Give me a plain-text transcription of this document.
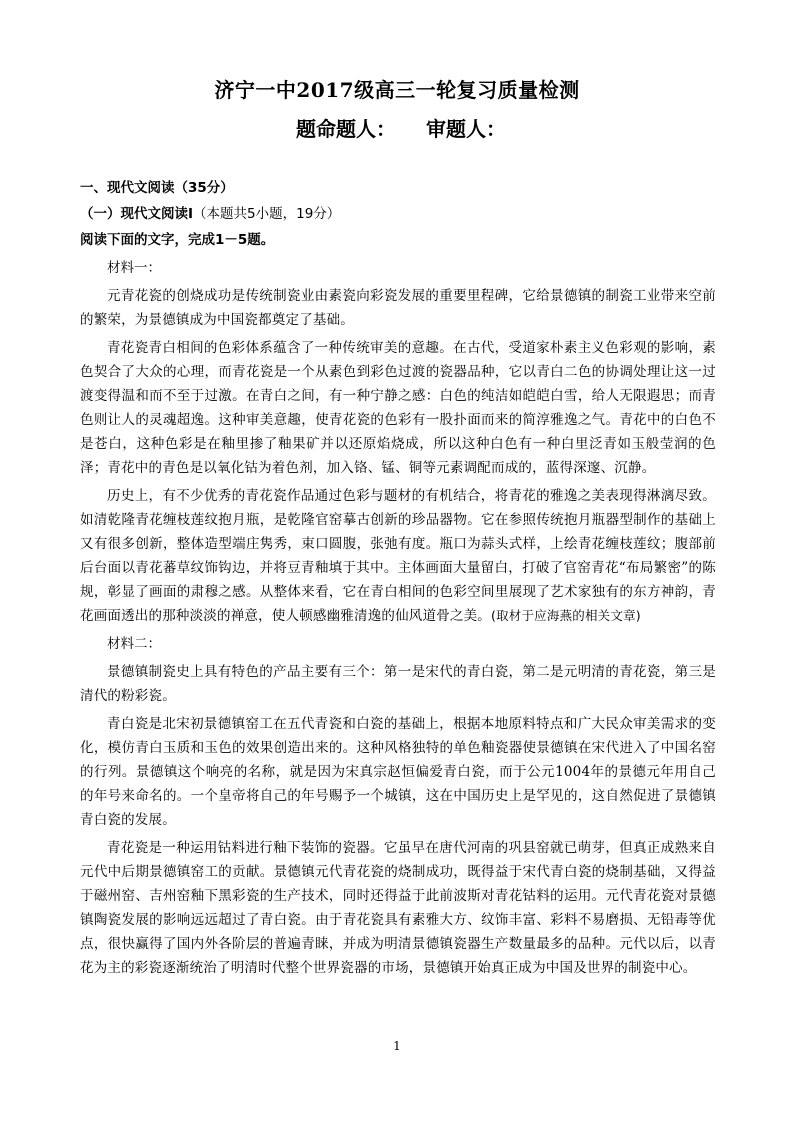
济宁一中2017级高三一轮复习质量检测
题命题人： 审题人：

一、现代文阅读（35分）

（一）现代文阅读Ⅰ（本题共5小题，19分）

阅读下面的文字，完成1－5题。

材料一：

元青花瓷的创烧成功是传统制瓷业由素瓷向彩瓷发展的重要里程碑，它给景德镇的制瓷工业带来空前的繁荣，为景德镇成为中国瓷都奠定了基础。

青花瓷青白相间的色彩体系蕴含了一种传统审美的意趣。在古代，受道家朴素主义色彩观的影响，素色契合了大众的心理，而青花瓷是一个从素色到彩色过渡的瓷器品种，它以青白二色的协调处理让这一过渡变得温和而不至于过激。在青白之间，有一种宁静之感：白色的纯洁如皑皑白雪，给人无限遐思；而青色则让人的灵魂超逸。这种审美意趣，使青花瓷的色彩有一股扑面而来的简淳雅逸之气。青花中的白色不是苍白，这种色彩是在釉里掺了釉果矿并以还原焰烧成，所以这种白色有一种白里泛青如玉般莹润的色泽；青花中的青色是以氧化钴为着色剂，加入铬、锰、铜等元素调配而成的，蓝得深邃、沉静。

历史上，有不少优秀的青花瓷作品通过色彩与题材的有机结合，将青花的雅逸之美表现得淋漓尽致。如清乾隆青花缠枝莲纹抱月瓶，是乾隆官窑摹古创新的珍品器物。它在参照传统抱月瓶器型制作的基础上又有很多创新，整体造型端庄隽秀，束口圆腹，张弛有度。瓶口为蒜头式样，上绘青花缠枝莲纹；腹部前后台面以青花蕃草纹饰钩边，并将豆青釉填于其中。主体画面大量留白，打破了官窑青花“布局繁密”的陈规，彰显了画面的肃穆之感。从整体来看，它在青白相间的色彩空间里展现了艺术家独有的东方神韵，青花画面透出的那种淡淡的禅意，使人顿感幽雅清逸的仙风道骨之美。(取材于应海燕的相关文章)

材料二：

景德镇制瓷史上具有特色的产品主要有三个：第一是宋代的青白瓷，第二是元明清的青花瓷，第三是清代的粉彩瓷。

青白瓷是北宋初景德镇窑工在五代青瓷和白瓷的基础上，根据本地原料特点和广大民众审美需求的变化，模仿青白玉质和玉色的效果创造出来的。这种风格独特的单色釉瓷器使景德镇在宋代进入了中国名窑的行列。景德镇这个响亮的名称，就是因为宋真宗赵恒偏爱青白瓷，而于公元1004年的景德元年用自己的年号来命名的。一个皇帝将自己的年号赐予一个城镇，这在中国历史上是罕见的，这自然促进了景德镇青白瓷的发展。

青花瓷是一种运用钴料进行釉下装饰的瓷器。它虽早在唐代河南的巩县窑就已萌芽，但真正成熟来自元代中后期景德镇窑工的贡献。景德镇元代青花瓷的烧制成功，既得益于宋代青白瓷的烧制基础，又得益于磁州窑、吉州窑釉下黑彩瓷的生产技术，同时还得益于此前波斯对青花钴料的运用。元代青花瓷对景德镇陶瓷发展的影响远远超过了青白瓷。由于青花瓷具有素雅大方、纹饰丰富、彩料不易磨损、无铅毒等优点，很快赢得了国内外各阶层的普遍青睐，并成为明清景德镇瓷器生产数量最多的品种。元代以后，以青花为主的彩瓷逐渐统治了明清时代整个世界瓷器的市场，景德镇开始真正成为中国及世界的制瓷中心。

1
